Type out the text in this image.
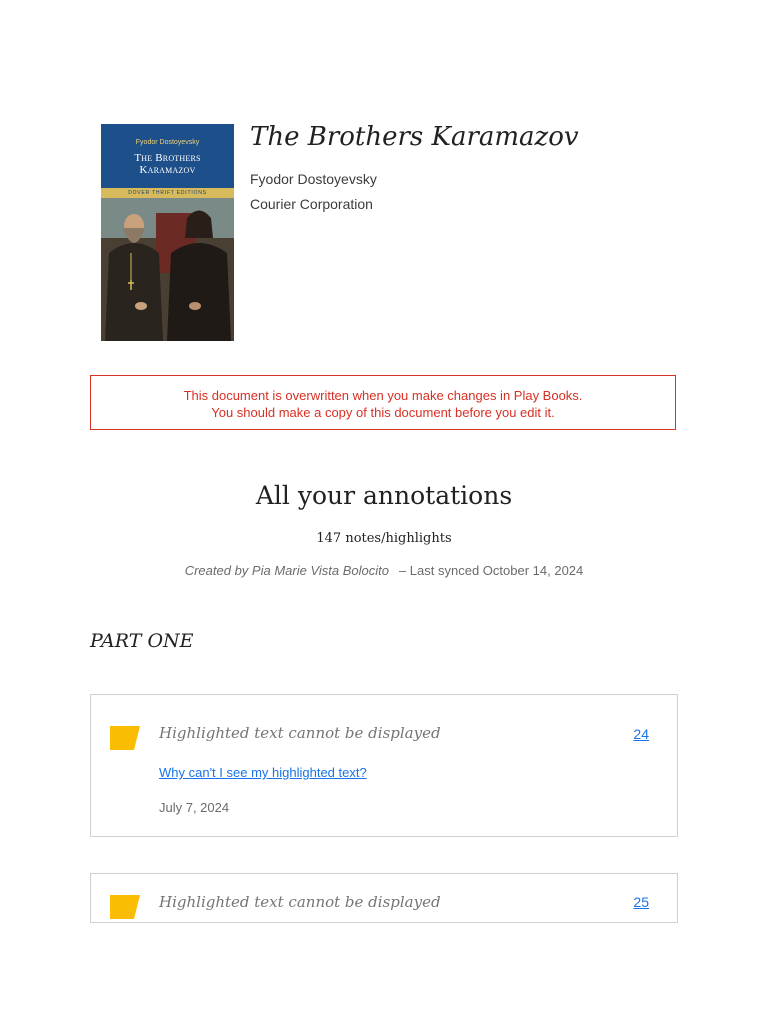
Fyodor Dostoyevsky
The Brothers
Karamazov
DOVER THRIFT EDITIONS
The Brothers Karamazov
Fyodor Dostoyevsky
Courier Corporation
This document is overwritten when you make changes in Play Books.
You should make a copy of this document before you edit it.
All your annotations
147 notes/highlights
Created by Pia Marie Vista Bolocito – Last synced October 14, 2024
PART ONE
Highlighted text cannot be displayed	24
Why can't I see my highlighted text?
July 7, 2024
Highlighted text cannot be displayed	25
